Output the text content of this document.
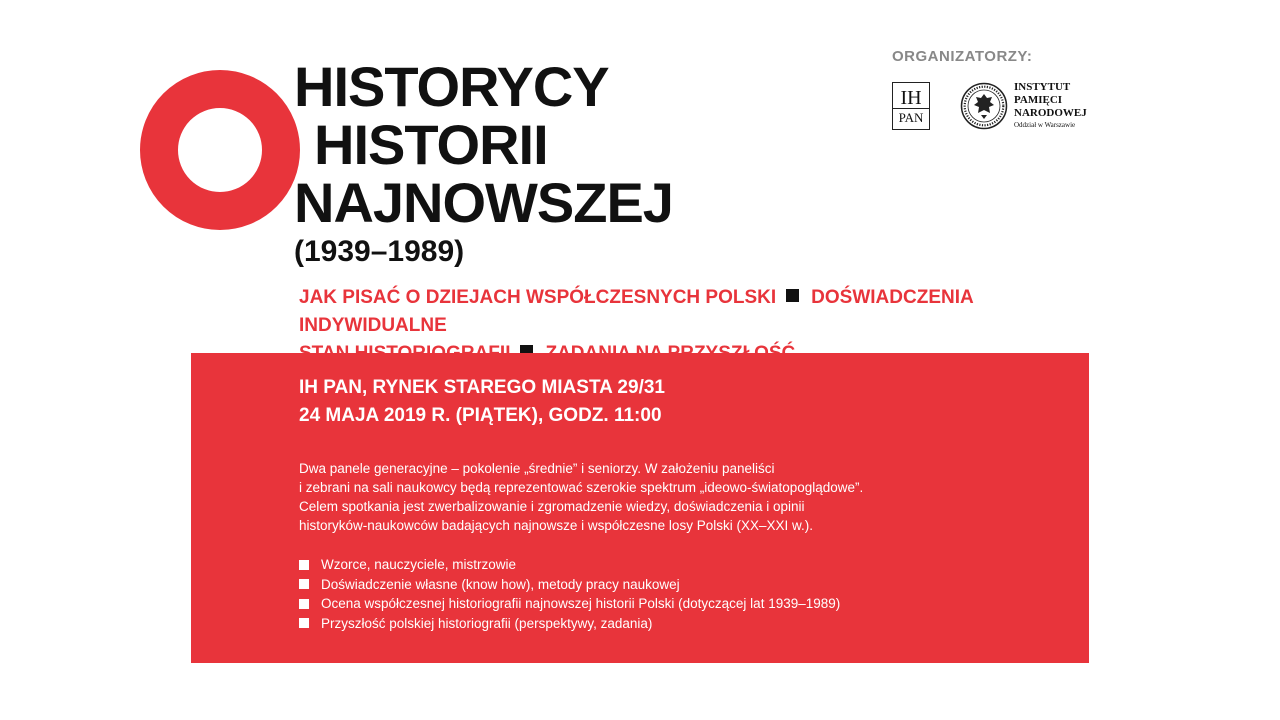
HISTORYCY
HISTORII
NAJNOWSZEJ
(1939–1989)
JAK PISAĆ O DZIEJACH WSPÓŁCZESNYCH POLSKI DOŚWIADCZENIA INDYWIDUALNE

ORGANIZATORZY:
IH
PAN
INSTYTUT
PAMIĘCI
NARODOWEJ
Oddział w Warszawie
IH PAN, RYNEK STAREGO MIASTA 29/31
24 MAJA 2019 R. (PIĄTEK), GODZ. 11:00

Dwa panele generacyjne – pokolenie „średnie” i seniorzy. W założeniu paneliści
i zebrani na sali naukowcy będą reprezentować szerokie spektrum „ideowo-światopoglądowe”.
Celem spotkania jest zwerbalizowanie i zgromadzenie wiedzy, doświadczenia i opinii
historyków-naukowców badających najnowsze i współczesne losy Polski (XX–XXI w.).

Wzorce, nauczyciele, mistrzowie
Doświadczenie własne (know how), metody pracy naukowej
Ocena współczesnej historiografii najnowszej historii Polski (dotyczącej lat 1939–1989)
Przyszłość polskiej historiografii (perspektywy, zadania)
